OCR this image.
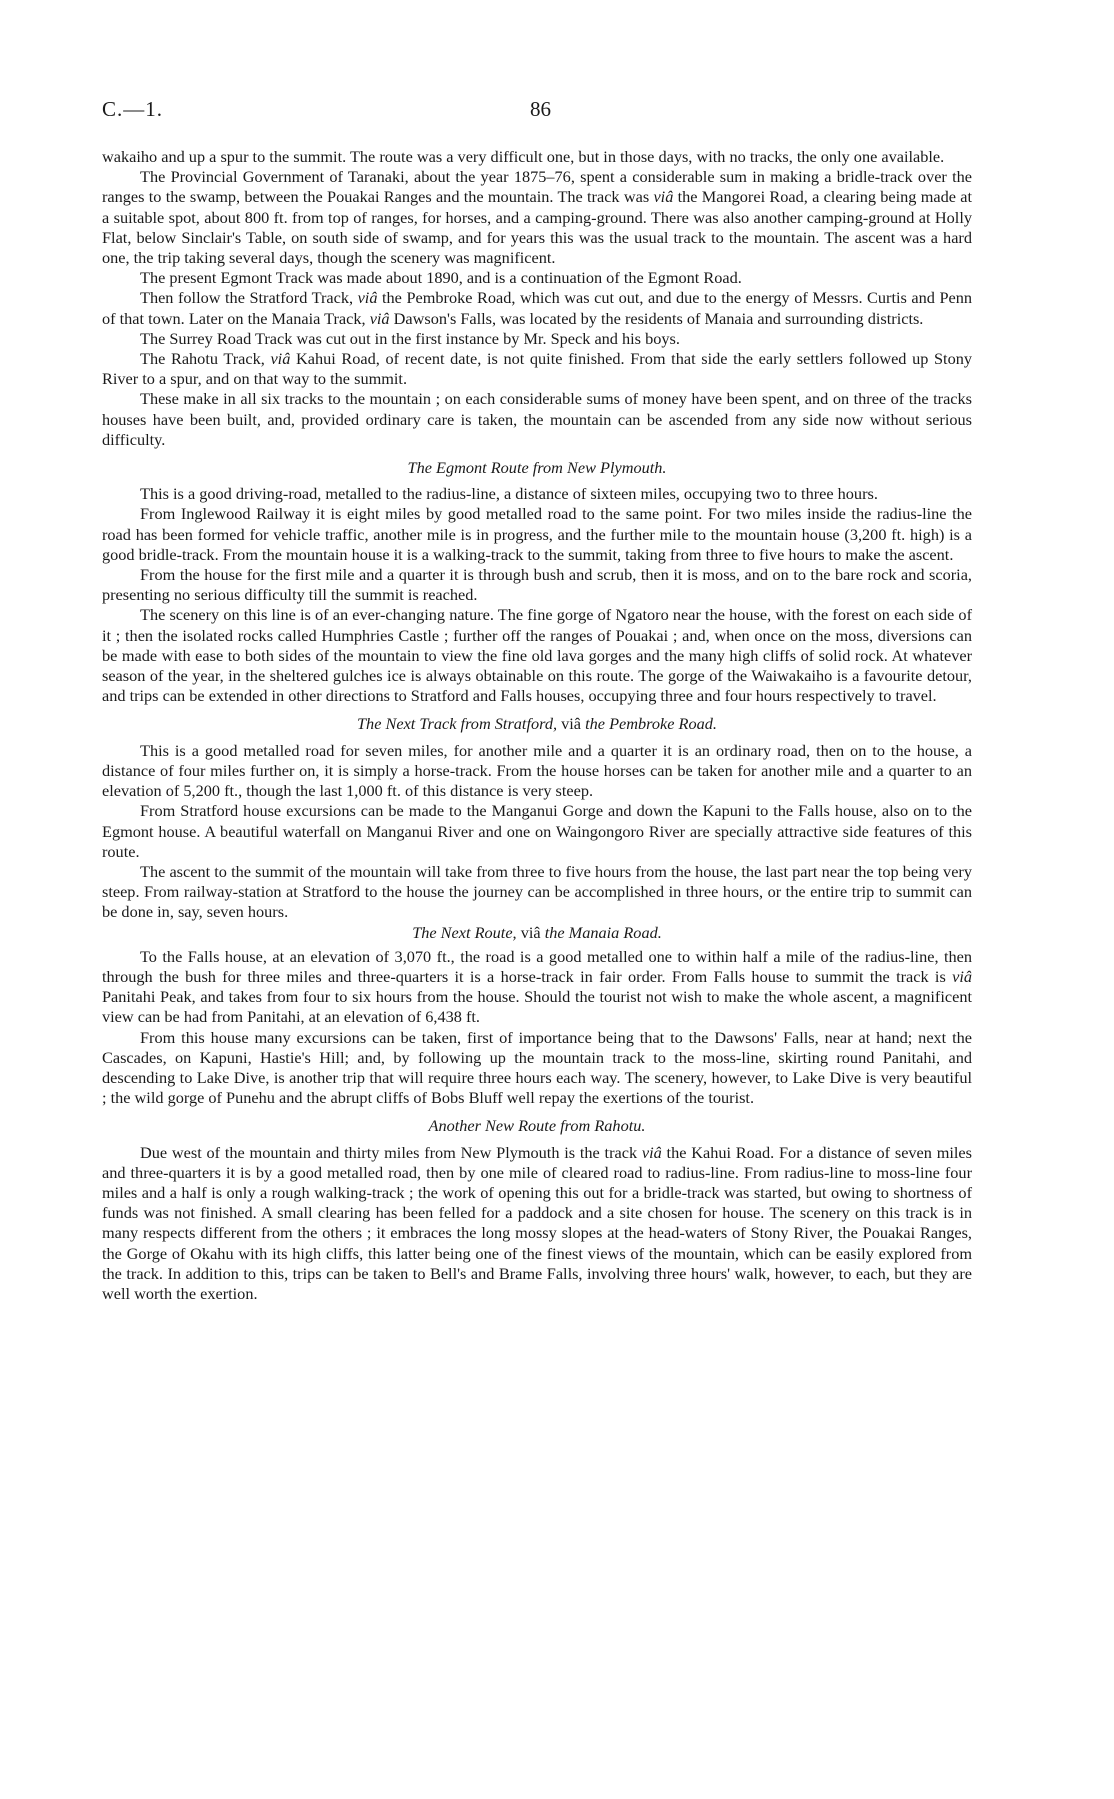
C.—1.	86

wakaiho and up a spur to the summit. The route was a very difficult one, but in those days, with no tracks, the only one available.

The Provincial Government of Taranaki, about the year 1875–76, spent a considerable sum in making a bridle-track over the ranges to the swamp, between the Pouakai Ranges and the mountain. The track was viâ the Mangorei Road, a clearing being made at a suitable spot, about 800 ft. from top of ranges, for horses, and a camping-ground. There was also another camping-ground at Holly Flat, below Sinclair's Table, on south side of swamp, and for years this was the usual track to the mountain. The ascent was a hard one, the trip taking several days, though the scenery was magnificent.

The present Egmont Track was made about 1890, and is a continuation of the Egmont Road.

Then follow the Stratford Track, viâ the Pembroke Road, which was cut out, and due to the energy of Messrs. Curtis and Penn of that town. Later on the Manaia Track, viâ Dawson's Falls, was located by the residents of Manaia and surrounding districts.

The Surrey Road Track was cut out in the first instance by Mr. Speck and his boys.

The Rahotu Track, viâ Kahui Road, of recent date, is not quite finished. From that side the early settlers followed up Stony River to a spur, and on that way to the summit.

These make in all six tracks to the mountain ; on each considerable sums of money have been spent, and on three of the tracks houses have been built, and, provided ordinary care is taken, the mountain can be ascended from any side now without serious difficulty.

The Egmont Route from New Plymouth.

This is a good driving-road, metalled to the radius-line, a distance of sixteen miles, occupying two to three hours.

From Inglewood Railway it is eight miles by good metalled road to the same point. For two miles inside the radius-line the road has been formed for vehicle traffic, another mile is in progress, and the further mile to the mountain house (3,200 ft. high) is a good bridle-track. From the mountain house it is a walking-track to the summit, taking from three to five hours to make the ascent.

From the house for the first mile and a quarter it is through bush and scrub, then it is moss, and on to the bare rock and scoria, presenting no serious difficulty till the summit is reached.

The scenery on this line is of an ever-changing nature. The fine gorge of Ngatoro near the house, with the forest on each side of it ; then the isolated rocks called Humphries Castle ; further off the ranges of Pouakai ; and, when once on the moss, diversions can be made with ease to both sides of the mountain to view the fine old lava gorges and the many high cliffs of solid rock. At whatever season of the year, in the sheltered gulches ice is always obtainable on this route. The gorge of the Waiwakaiho is a favourite detour, and trips can be extended in other directions to Stratford and Falls houses, occupying three and four hours respectively to travel.

The Next Track from Stratford, viâ the Pembroke Road.

This is a good metalled road for seven miles, for another mile and a quarter it is an ordinary road, then on to the house, a distance of four miles further on, it is simply a horse-track. From the house horses can be taken for another mile and a quarter to an elevation of 5,200 ft., though the last 1,000 ft. of this distance is very steep.

From Stratford house excursions can be made to the Manganui Gorge and down the Kapuni to the Falls house, also on to the Egmont house. A beautiful waterfall on Manganui River and one on Waingongoro River are specially attractive side features of this route.

The ascent to the summit of the mountain will take from three to five hours from the house, the last part near the top being very steep. From railway-station at Stratford to the house the journey can be accomplished in three hours, or the entire trip to summit can be done in, say, seven hours.

The Next Route, viâ the Manaia Road.

To the Falls house, at an elevation of 3,070 ft., the road is a good metalled one to within half a mile of the radius-line, then through the bush for three miles and three-quarters it is a horse-track in fair order. From Falls house to summit the track is viâ Panitahi Peak, and takes from four to six hours from the house. Should the tourist not wish to make the whole ascent, a magnificent view can be had from Panitahi, at an elevation of 6,438 ft.

From this house many excursions can be taken, first of importance being that to the Dawsons' Falls, near at hand; next the Cascades, on Kapuni, Hastie's Hill; and, by following up the mountain track to the moss-line, skirting round Panitahi, and descending to Lake Dive, is another trip that will require three hours each way. The scenery, however, to Lake Dive is very beautiful ; the wild gorge of Punehu and the abrupt cliffs of Bobs Bluff well repay the exertions of the tourist.

Another New Route from Rahotu.

Due west of the mountain and thirty miles from New Plymouth is the track viâ the Kahui Road. For a distance of seven miles and three-quarters it is by a good metalled road, then by one mile of cleared road to radius-line. From radius-line to moss-line four miles and a half is only a rough walking-track ; the work of opening this out for a bridle-track was started, but owing to shortness of funds was not finished. A small clearing has been felled for a paddock and a site chosen for house. The scenery on this track is in many respects different from the others ; it embraces the long mossy slopes at the head-waters of Stony River, the Pouakai Ranges, the Gorge of Okahu with its high cliffs, this latter being one of the finest views of the mountain, which can be easily explored from the track. In addition to this, trips can be taken to Bell's and Brame Falls, involving three hours' walk, however, to each, but they are well worth the exertion.
